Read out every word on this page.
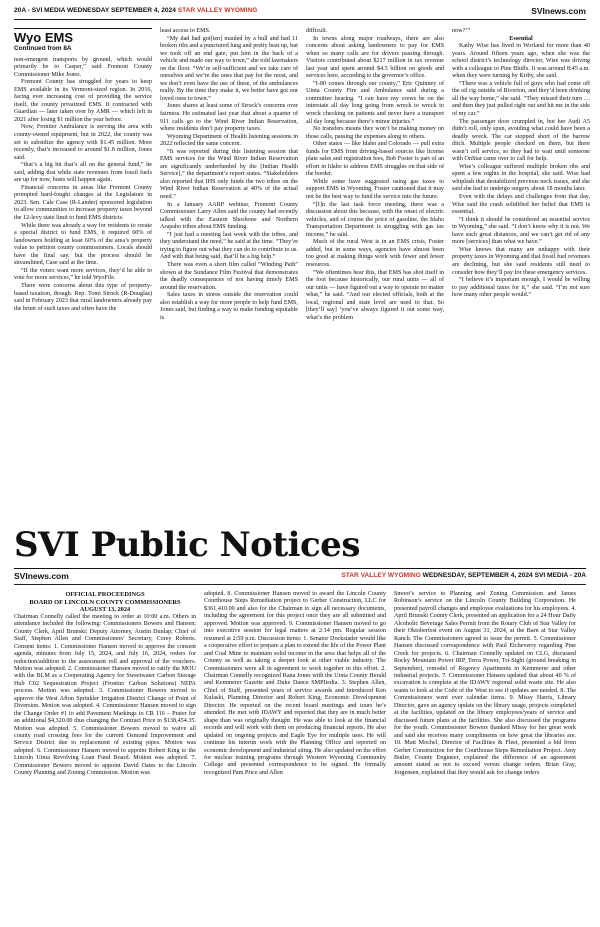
20A - SVI MEDIA WEDNESDAY SEPTEMBER 4, 2024 STAR VALLEY WYOMING	SVInews.com
Wyo EMS
Continued from 8A

non-emergent transports by ground, which would primarily be to Casper,” said Fremont County Commissioner Mike Jones.

Fremont County has struggled for years to keep EMS available in its Vermont-sized region. In 2016, facing ever increasing cost of providing the service itself, the county privatized EMS. It contracted with Guardian — later taken over by AMR — which left in 2021 after losing $1 million the year before.

Now, Frontier Ambulance is serving the area with county-owned equipment, but in 2022, the county was set to subsidize the agency with $1.45 million. More recently, that’s increased to around $1.8 million, Jones said.

“that’s a big hit that’s all on the general fund,” he said, adding that while state revenues from fossil fuels are up for now, busts will happen again.

Financial concerns in areas like Fremont County prompted hard-fought changes at the Legislature in 2023. Sen. Cale Case (R-Lander) sponsored legislation to allow communities to increase property taxes beyond the 12-levy state limit to fund EMS districts.

While there was already a way for residents to create a special district to fund EMS, it required 60% of landowners holding at least 60% of the area’s property value to petition county commissioners. Locals should have the final say, but the process should be streamlined, Case said at the time.

“If the voters want more services, they’d be able to vote for more services,” he told WyoFile.

There were concerns about this type of property-based taxation, though. Rep. Tomi Strock (R-Douglas) said in February 2023 that rural landowners already pay the brunt of such taxes and often have the

least access to EMS.

“My dad had got[ten] mauled by a bull and had 11 broken ribs and a punctured lung and pretty beat up, but we took off an end gate, put him in the back of a vehicle and made our way to town,” she told lawmakers on the floor. “We’re self-sufficient and we take care of ourselves and we’re the ones that pay for the most, and we don’t even have the use of these, of the ambulances really. By the time they make it, we better have got our loved ones to town.”

Jones shares at least some of Strock’s concerns over fairness. He estimated last year that about a quarter of 911 calls go to the Wind River Indian Reservation, where residents don’t pay property taxes.

Wyoming Department of Health listening sessions in 2022 reflected the same concern.

“It was reported during this listening session that EMS services for the Wind River Indian Reservation are significantly underfunded by the [Indian Health Service],” the department’s report states. “Stakeholders also reported that IHS only funds the two tribes on the Wind River Indian Reservation at 40% of the actual need.”

In a January AARP webinar, Fremont County Commissioner Larry Allen said the county had recently talked with the Eastern Shoshone and Northern Arapaho tribes about EMS funding.

“I just had a meeting last week with the tribes, and they understand the need,” he said at the time. “They’re trying to figure out what they can do to contribute to us. And with that being said, that’ll be a big help.”

There was even a short film called “Winding Path” shown at the Sundance Film Festival that demonstrates the deadly consequences of not having timely EMS around the reservation.

Sales taxes in stores outside the reservation could also establish a way for more people to help fund EMS, Jones said, but finding a way to make funding equitable is

difficult.

In towns along major roadways, there are also concerns about asking landowners to pay for EMS when so many calls are for drivers passing through. Visitors contributed about $217 million in tax revenue last year and spent around $4.5 billion on goods and services here, according to the governor’s office.

“I-80 comes through our county,” Eric Quinney of Uinta County Fire and Ambulance said during a committee hearing. “I can have my crews be on the interstate all day long going from wreck to wreck to wreck checking on patients and never have a transport all day long because there’s minor injuries.”

No transfers means they won’t be making money on those calls, passing the expenses along to others.

Other states — like Idaho and Colorado — pull extra funds for EMS from driving-based sources like license plate sales and registration fees, Bob Foster is part of an effort in Idaho to address EMS struggles on that side of the border.

While some have suggested using gas taxes to support EMS in Wyoming, Foster cautioned that it may not be the best way to fund the service into the future.

“[I]n the last task force meeting, there was a discussion about this because, with the onset of electric vehicles, and of course the price of gasoline, the Idaho Transportation Department is struggling with gas tax income,” he said.

Much of the rural West is in an EMS crisis, Foster added, but in some ways, agencies have almost been too good at making things work with fewer and fewer resources.

“We oftentimes hear this, that EMS has shot itself in the foot because historically, our rural units — all of our units — have figured out a way to operate no matter what,” he said. “And our elected officials, both at the local, regional and state level are used to that. So [they’ll say] ‘you’ve always figured it out some way, what’s the problem

now?’”

Essential

Kathy Wise has lived in Worland for more than 40 years. Around fifteen years ago, when she was the school district’s technology director, Wise was driving with a colleague to Pine Bluffs. It was around 8:45 a.m. when they were turning by Kirby, she said.

“There was a vehicle full of guys who had come off the oil rig outside of Riverton, and they’d been drinking all the way home,” she said. “They missed their turn … and then they just pulled right out and hit me in the side of my car.”

The passenger door crumpled in, but her Audi A5 didn’t roll, only spun, avoiding what could have been a deadly wreck. The car stopped short of the barrow ditch. Multiple people checked on them, but there wasn’t cell service, so they had to wait until someone with OnStar came over to call for help.

Wise’s colleague suffered multiple broken ribs and spent a few nights in the hospital, she said. Wise had whiplash that destabilized previous neck issues, and she said she had to undergo surgery about 18 months later.

Even with the delays and challenges from that day, Wise said the crash solidified her belief that EMS is essential.

“I think it should be considered an essential service in Wyoming,” she said. “I don’t know why it is not. We have such great distances, and we can’t get rid of any more [services] than what we have.”

Wise knows that many are unhappy with their property taxes in Wyoming and that fossil fuel revenues are declining, but she said residents still need to consider how they’ll pay for these emergency services.

“I believe it’s important enough, I would be willing to pay additional taxes for it,” she said. “I’m not sure how many other people would.”

SVI Public Notices
SVInews.com	STAR VALLEY WYOMING WEDNESDAY, SEPTEMBER 4, 2024 SVI MEDIA - 20A
OFFICIAL PROCEEDINGS
BOARD OF LINCOLN COUNTY COMMISSIONERS
AUGUST 13, 2024

Chairman Connelly called the meeting to order at 10:00 a.m. Others in attendance included the following: Commissioners Bowers and Hansen; County Clerk, April Brunski; Deputy Attorney, Austin Dunlap; Chief of Staff, Stephen Allen and Commissioners’ Secretary, Corey Roberts. Consent items: 1. Commissioner Hansen moved to approve the consent agenda, minutes from July 15, 2024, and July 16, 2024, orders for reduction/addition to the assessment roll and approval of the vouchers. Motion was adopted. 2. Commissioner Hansen moved to ratify the MOU with the BLM as a Cooperating Agency for Sweetwater Carbon Storage Hub C02 Sequestration Project (Frontier Carbon Solutions) NEPA process. Motion was adopted. 3. Commissioner Bowers moved to approve the West Afton Sprinkler Irrigation District Change of Point of Diversion. Motion was adopted. 4. Commissioner Hansen moved to sign the Change Order #1 to add Pavement Markings to CR 116 – Prater for an additional $4,320.00 thus changing the Contract Price to $138,454.35. Motion was adopted. 5. Commissioner Bowers moved to waive all county road crossing fees for the current Osmond Improvement and Service District due to replacement of existing pipes. Motion was adopted. 6. Commissioner Hansen moved to appoint Robert King to the Lincoln Uinta Revolving Loan Fund Board. Motion was adopted. 7. Commissioner Bowers moved to appoint David Oates to the Lincoln County Planning and Zoning Commission. Motion was

adopted. 8. Commissioner Hansen moved to award the Lincoln County Courthouse Steps Remediation project to Gerber Construction, LLC for $361,410.00 and also for the Chairman to sign all necessary documents, including the agreement for this project once they are all submitted and approved. Motion was approved. 9. Commissioner Hansen moved to go into executive session for legal matters at 2:14 pm. Regular session resumed at 2:59 p.m. Discussion items: 1. Senator Dockstader would like a cooperative effort to prepare a plan to extend the life of the Power Plant and Coal Mine to maintain solid income in the area that helps all of the County as well as taking a deeper look at other viable industry. The Commissioners were all in agreement to work together in this effort. 2. Chairman Connelly recognized Rana Jones with the Uinta County Herald and Kemmerer Gazette and Duke Dance SMPIiedia. 3. Stephen Allen, Chief of Staff, presented years of service awards and introduced Ken Kulaski, Planning Director and Robert King, Economic Development Director. He reported on the recent board meetings and tours he’s attended. He met with IDAWY and reported that they are in much better shape than was originally thought. He was able to look at the financial records and will work with them on producing financial reports. He also updated on ongoing projects and Eagle Eye for multiple uses. He will continue his interim work with the Planning Office and reported on economic development and industrial siting. He also updated on the effort for nuclear training programs through Western Wyoming Community College and presented correspondence to be signed. He formally recognized Pam Price and Allen

Smoot’s service to Planning and Zoning Commission and James Robinson’s service on the Lincoln County Building Corporation. He presented payroll changes and employee evaluations for his employees. 4. April Brunski County Clerk, presented an application for a 24 Hour Daily Alcoholic Beverage Sales Permit from the Rotary Club of Star Valley for their Oktoberfest event on August 31, 2024, at the Barn at Star Valley Ranch. The Commissioners agreed to issue the permit. 5. Commissioner Hansen discussed correspondence with Paul Etcheverry regarding Pine Creek for projects. 6. Chairman Connelly updated on CLG, discussed Rocky Mountain Power IRP, Terra Power, Tri-Sight (ground breaking in September), remodel of Regency Apartments in Kemmerer and other industrial projects. 7. Commissioner Hansen updated that about 40 % of excavation is complete at the IDAWY regional solid waste site. He also wants to look at the Code of the West to see if updates are needed. 8. The Commissioners went over calendar items. 9. Missy Harris, Library Director, gave an agency update on the library usage, projects completed at the facilities, updated on the library employees/years of service and discussed future plans at the facilities. She also discussed the programs for the youth. Commissioner Bowers thanked Missy for her great work and said she receives many compliments on how great the libraries are. 10. Matt Mochel, Director of Facilities & Fleet, presented a bid from Gerber Construction for the Courthouse Steps Remediation Project. Amy Butler, County Engineer, explained the difference of an agreement amount stated as not to exceed versus change orders. Brian Gray, Jorgensen, explained that they would ask for change orders
